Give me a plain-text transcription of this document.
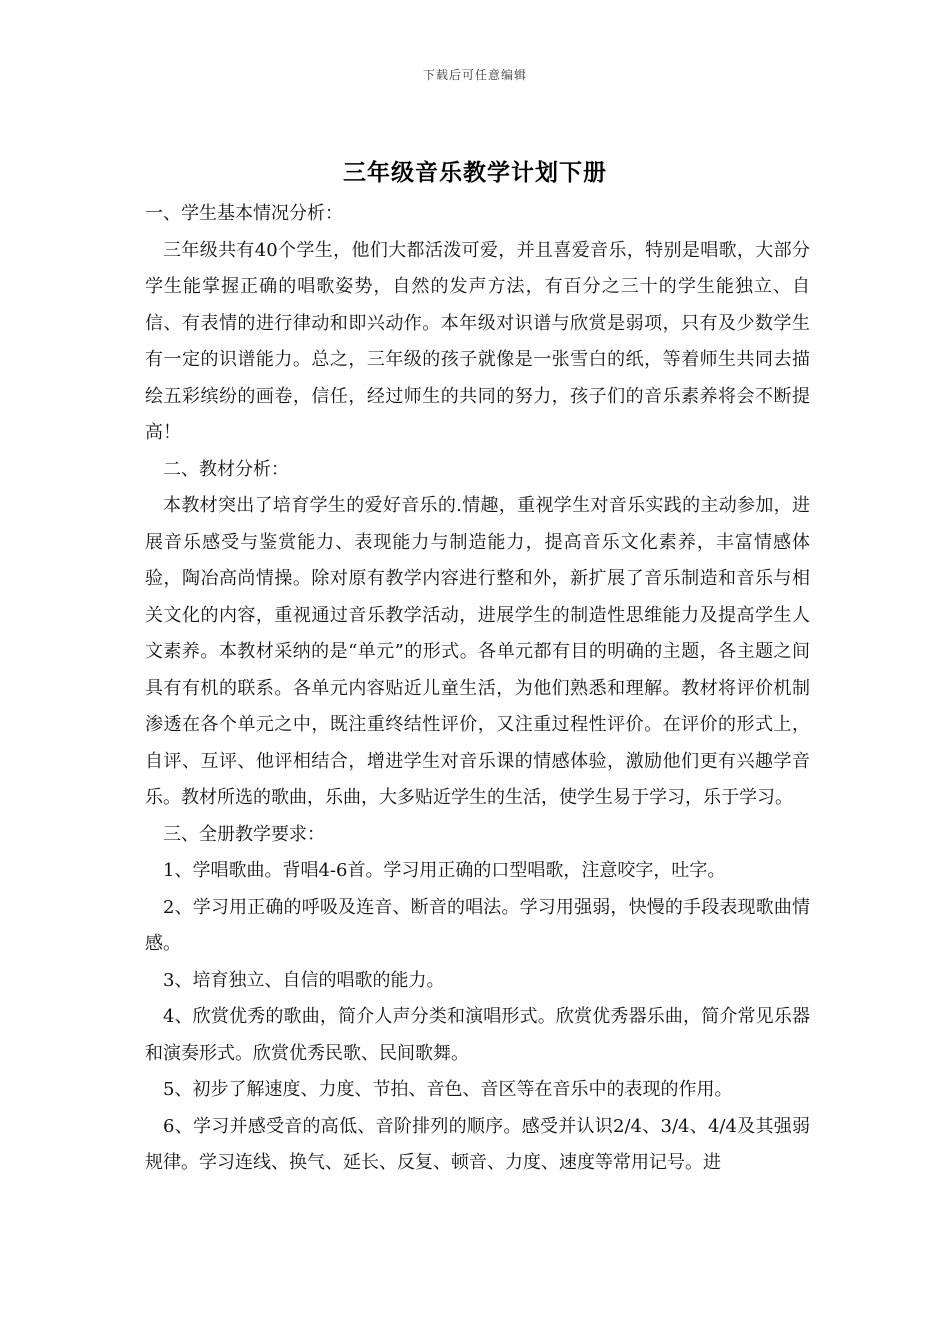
下载后可任意编辑
三年级音乐教学计划下册

一、学生基本情况分析：

三年级共有40个学生，他们大都活泼可爱，并且喜爱音乐，特别是唱歌，大部分学生能掌握正确的唱歌姿势，自然的发声方法，有百分之三十的学生能独立、自信、有表情的进行律动和即兴动作。本年级对识谱与欣赏是弱项，只有及少数学生有一定的识谱能力。总之，三年级的孩子就像是一张雪白的纸，等着师生共同去描绘五彩缤纷的画卷，信任，经过师生的共同的努力，孩子们的音乐素养将会不断提高！

二、教材分析：

本教材突出了培育学生的爱好音乐的.情趣，重视学生对音乐实践的主动参加，进展音乐感受与鉴赏能力、表现能力与制造能力，提高音乐文化素养，丰富情感体验，陶冶高尚情操。除对原有教学内容进行整和外，新扩展了音乐制造和音乐与相关文化的内容，重视通过音乐教学活动，进展学生的制造性思维能力及提高学生人文素养。本教材采纳的是“单元”的形式。各单元都有目的明确的主题，各主题之间具有有机的联系。各单元内容贴近儿童生活，为他们熟悉和理解。教材将评价机制渗透在各个单元之中，既注重终结性评价，又注重过程性评价。在评价的形式上，自评、互评、他评相结合，增进学生对音乐课的情感体验，激励他们更有兴趣学音乐。教材所选的歌曲，乐曲，大多贴近学生的生活，使学生易于学习，乐于学习。

三、全册教学要求：

1、学唱歌曲。背唱4-6首。学习用正确的口型唱歌，注意咬字，吐字。

2、学习用正确的呼吸及连音、断音的唱法。学习用强弱，快慢的手段表现歌曲情感。

3、培育独立、自信的唱歌的能力。

4、欣赏优秀的歌曲，简介人声分类和演唱形式。欣赏优秀器乐曲，简介常见乐器和演奏形式。欣赏优秀民歌、民间歌舞。

5、初步了解速度、力度、节拍、音色、音区等在音乐中的表现的作用。

6、学习并感受音的高低、音阶排列的顺序。感受并认识2/4、3/4、4/4及其强弱规律。学习连线、换气、延长、反复、顿音、力度、速度等常用记号。进
